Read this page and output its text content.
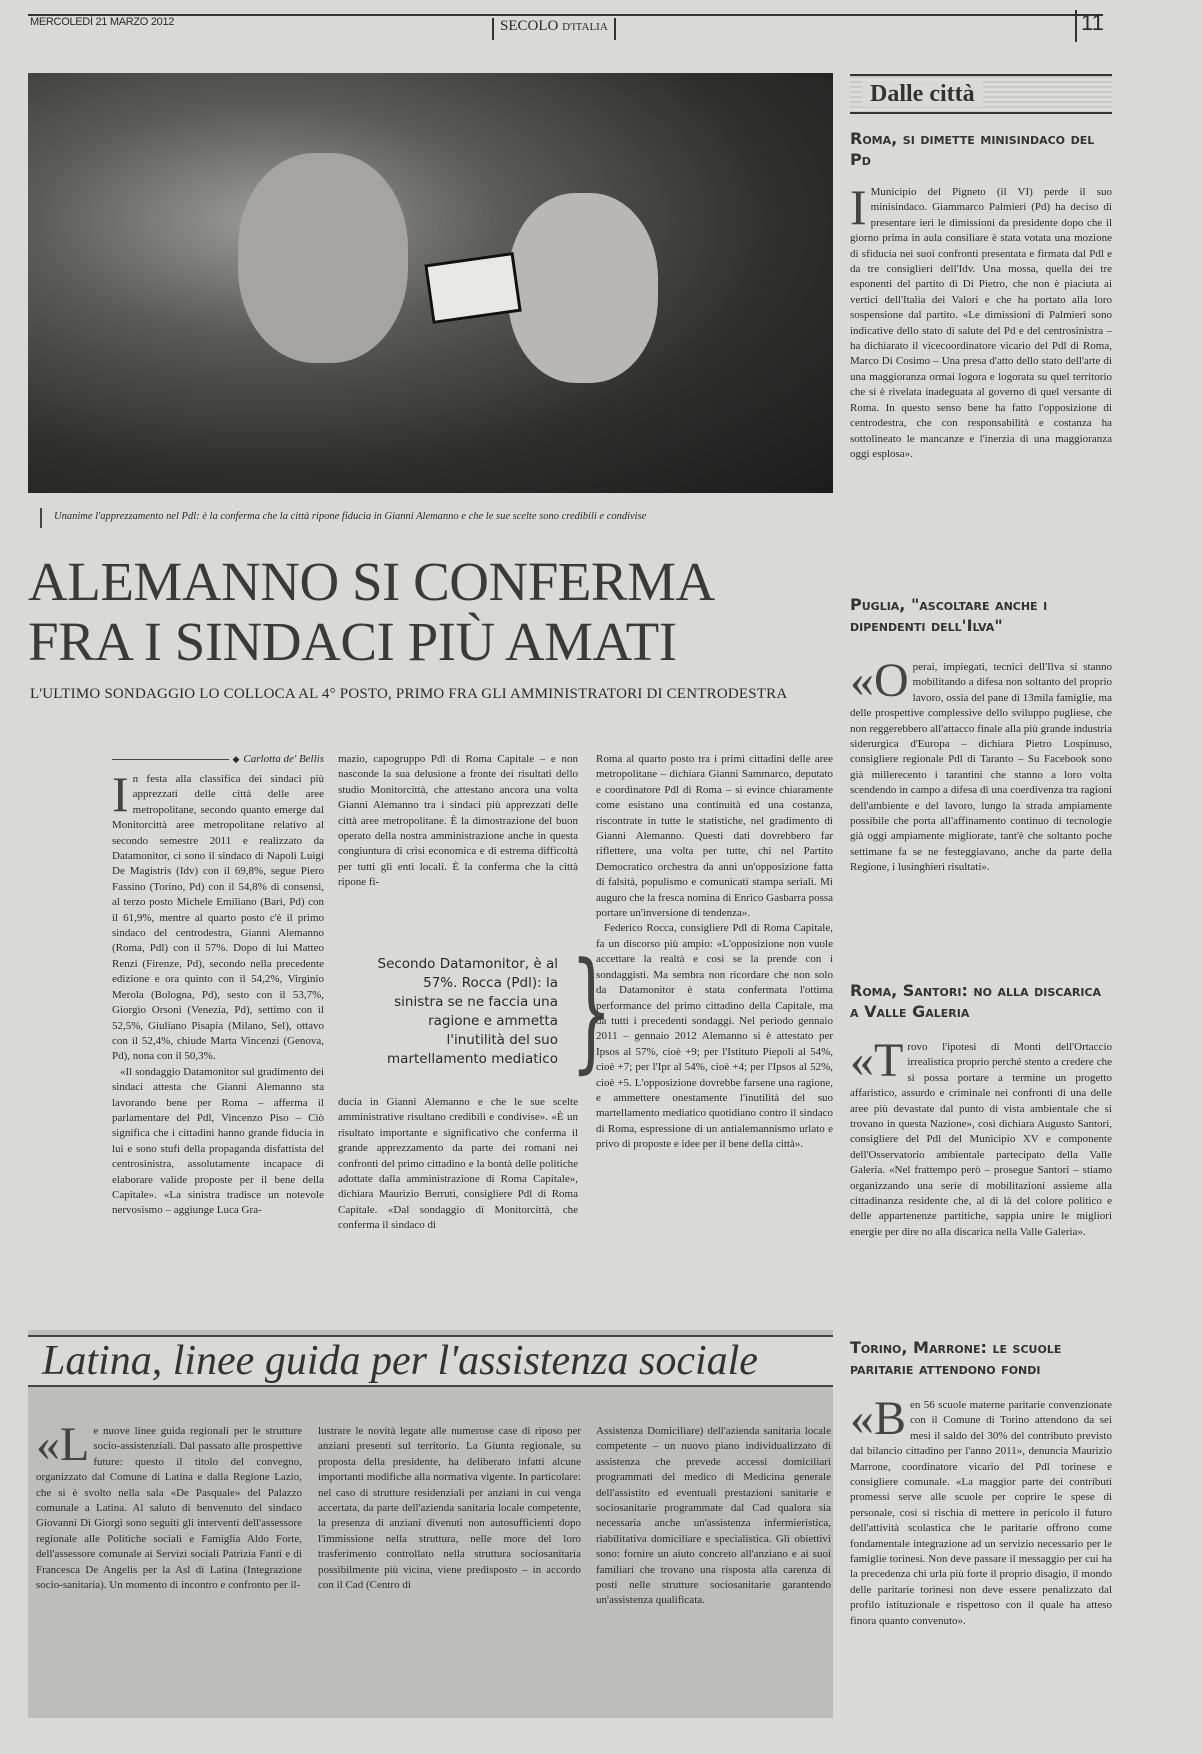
MERCOLEDÌ 21 MARZO 2012	SECOLO D'ITALIA	11
Unanime l'apprezzamento nel Pdl: è la conferma che la città ripone fiducia in Gianni Alemanno e che le sue scelte sono credibili e condivise
ALEMANNO SI CONFERMA
FRA I SINDACI PIÙ AMATI
L'ULTIMO SONDAGGIO LO COLLOCA AL 4° POSTO, PRIMO FRA GLI AMMINISTRATORI DI CENTRODESTRA
◆ Carlotta de' Bellis

In festa alla classifica dei sindaci più apprezzati delle città delle aree metropolitane, secondo quanto emerge dal Monitorcittà aree metropolitane relativo al secondo semestre 2011 e realizzato da Datamonitor, ci sono il sindaco di Napoli Luigi De Magistris (Idv) con il 69,8%, segue Piero Fassino (Torino, Pd) con il 54,8% di consensi, al terzo posto Michele Emiliano (Bari, Pd) con il 61,9%, mentre al quarto posto c'è il primo sindaco del centrodestra, Gianni Alemanno (Roma, Pdl) con il 57%. Dopo di lui Matteo Renzi (Firenze, Pd), secondo nella precedente edizione e ora quinto con il 54,2%, Virginio Merola (Bologna, Pd), sesto con il 53,7%, Giorgio Orsoni (Venezia, Pd), settimo con il 52,5%, Giuliano Pisapia (Milano, Sel), ottavo con il 52,4%, chiude Marta Vincenzi (Genova, Pd), nona con il 50,3%.

«Il sondaggio Datamonitor sul gradimento dei sindaci attesta che Gianni Alemanno sta lavorando bene per Roma – afferma il parlamentare del Pdl, Vincenzo Piso – Ciò significa che i cittadini hanno grande fiducia in lui e sono stufi della propaganda disfattista del centrosinistra, assolutamente incapace di elaborare valide proposte per il bene della Capitale». «La sinistra tradisce un notevole nervosismo – aggiunge Luca Gra-

mazio, capogruppo Pdl di Roma Capitale – e non nasconde la sua delusione a fronte dei risultati dello studio Monitorcittà, che attestano ancora una volta Gianni Alemanno tra i sindaci più apprezzati delle città aree metropolitane. È la dimostrazione del buon operato della nostra amministrazione anche in questa congiuntura di crisi economica e di estrema difficoltà per tutti gli enti locali. È la conferma che la città ripone fi-
Secondo Datamonitor, è al 57%. Rocca (Pdl): la sinistra se ne faccia una ragione e ammetta l'inutilità del suo martellamento mediatico }
ducia in Gianni Alemanno e che le sue scelte amministrative risultano credibili e condivise». «È un risultato importante e significativo che conferma il grande apprezzamento da parte dei romani nei confronti del primo cittadino e la bontà delle politiche adottate dalla amministrazione di Roma Capitale», dichiara Maurizio Berruti, consigliere Pdl di Roma Capitale. «Dal sondaggio di Monitorcittà, che conferma il sindaco di

Roma al quarto posto tra i primi cittadini delle aree metropolitane – dichiara Gianni Sammarco, deputato e coordinatore Pdl di Roma – si evince chiaramente come esistano una continuità ed una costanza, riscontrate in tutte le statistiche, nel gradimento di Gianni Alemanno. Questi dati dovrebbero far riflettere, una volta per tutte, chi nel Partito Democratico orchestra da anni un'opposizione fatta di falsità, populismo e comunicati stampa seriali. Mi auguro che la fresca nomina di Enrico Gasbarra possa portare un'inversione di tendenza».

Federico Rocca, consigliere Pdl di Roma Capitale, fa un discorso più ampio: «L'opposizione non vuole accettare la realtà e così se la prende con i sondaggisti. Ma sembra non ricordare che non solo da Datamonitor è stata confermata l'ottima performance del primo cittadino della Capitale, ma da tutti i precedenti sondaggi. Nel periodo gennaio 2011 – gennaio 2012 Alemanno si è attestato per Ipsos al 57%, cioè +9; per l'Istituto Piepoli al 54%, cioè +7; per l'Ipr al 54%, cioè +4; per l'Ipsos al 52%, cioè +5. L'opposizione dovrebbe farsene una ragione, e ammettere onestamente l'inutilità del suo martellamento mediatico quotidiano contro il sindaco di Roma, espressione di un antialemannismo urlato e privo di proposte e idee per il bene della città».

Dalle città
Roma, si dimette minisindaco del Pd
I Municipio del Pigneto (il VI) perde il suo minisindaco. Giammarco Palmieri (Pd) ha deciso di presentare ieri le dimissioni da presidente dopo che il giorno prima in aula consiliare è stata votata una mozione di sfiducia nei suoi confronti presentata e firmata dal Pdl e da tre consiglieri dell'Idv. Una mossa, quella dei tre esponenti del partito di Di Pietro, che non è piaciuta ai vertici dell'Italia dei Valori e che ha portato alla loro sospensione dal partito. «Le dimissioni di Palmieri sono indicative dello stato di salute del Pd e del centrosinistra – ha dichiarato il vicecoordinatore vicario del Pdl di Roma, Marco Di Cosimo – Una presa d'atto dello stato dell'arte di una maggioranza ormai logora e logorata su quel territorio che si è rivelata inadeguata al governo di quel versante di Roma. In questo senso bene ha fatto l'opposizione di centrodestra, che con responsabilità e costanza ha sottolineato le mancanze e l'inerzia di una maggioranza oggi esplosa».
Puglia, "ascoltare anche i dipendenti dell'Ilva"
«Operai, impiegati, tecnici dell'Ilva si stanno mobilitando a difesa non soltanto del proprio lavoro, ossia del pane di 13mila famiglie, ma delle prospettive complessive dello sviluppo pugliese, che non reggerebbero all'attacco finale alla più grande industria siderurgica d'Europa – dichiara Pietro Lospinuso, consigliere regionale Pdl di Taranto – Su Facebook sono già millerecento i tarantini che stanno a loro volta scendendo in campo a difesa di una coerdivenza tra ragioni dell'ambiente e del lavoro, lungo la strada ampiamente possibile che porta all'affinamento continuo di tecnologie già oggi ampiamente migliorate, tant'è che soltanto poche settimane fa se ne festeggiavano, anche da parte della Regione, i lusinghieri risultati».
Roma, Santori: no alla discarica a Valle Galeria
«Trovo l'ipotesi di Monti dell'Ortaccio irrealistica proprio perché stento a credere che si possa portare a termine un progetto affaristico, assurdo e criminale nei confronti di una delle aree più devastate dal punto di vista ambientale che si trovano in questa Nazione», così dichiara Augusto Santori, consigliere del Pdl del Municipio XV e componente dell'Osservatorio ambientale partecipato della Valle Galeria. «Nel frattempo però – prosegue Santori – stiamo organizzando una serie di mobilitazioni assieme alla cittadinanza residente che, al di là del colore politico e delle appartenenze partitiche, sappia unire le migliori energie per dire no alla discarica nella Valle Galeria».
Torino, Marrone: le scuole paritarie attendono fondi
«Ben 56 scuole materne paritarie convenzionate con il Comune di Torino attendono da sei mesi il saldo del 30% del contributo previsto dal bilancio cittadino per l'anno 2011», denuncia Maurizio Marrone, coordinatore vicario del Pdl torinese e consigliere comunale. «La maggior parte dei contributi promessi serve alle scuole per coprire le spese di personale, così si rischia di mettere in pericolo il futuro dell'attività scolastica che le paritarie offrono come fondamentale integrazione ad un servizio necessario per le famiglie torinesi. Non deve passare il messaggio per cui ha la precedenza chi urla più forte il proprio disagio, il mondo delle paritarie torinesi non deve essere penalizzato dal profilo istituzionale e rispettoso con il quale ha atteso finora quanto convenuto».
Latina, linee guida per l'assistenza sociale
«Le nuove linee guida regionali per le strutture socio-assistenziali. Dal passato alle prospettive future: questo il titolo del convegno, organizzato dal Comune di Latina e dalla Regione Lazio, che si è svolto nella sala «De Pasquale» del Palazzo comunale a Latina. Al saluto di benvenuto del sindaco Giovanni Di Giorgi sono seguiti gli interventi dell'assessore regionale alle Politiche sociali e Famiglia Aldo Forte, dell'assessore comunale ai Servizi sociali Patrizia Fanti e di Francesca De Angelis per la Asl di Latina (Integrazione socio-sanitaria). Un momento di incontro e confronto per il-
lustrare le novità legate alle numerose case di riposo per anziani presenti sul territorio. La Giunta regionale, su proposta della presidente, ha deliberato infatti alcune importanti modifiche alla normativa vigente. In particolare: nel caso di strutture residenziali per anziani in cui venga accertata, da parte dell'azienda sanitaria locale competente, la presenza di anziani divenuti non autosufficienti dopo l'immissione nella struttura, nelle more del loro trasferimento controllato nella struttura sociosanitaria possibilmente più vicina, viene predisposto – in accordo con il Cad (Centro di
Assistenza Domiciliare) dell'azienda sanitaria locale competente – un nuovo piano individualizzato di assistenza che prevede accessi domiciliari programmati del medico di Medicina generale dell'assistito ed eventuali prestazioni sanitarie e sociosanitarie programmate dal Cad qualora sia necessaria anche un'assistenza infermieristica, riabilitativa domiciliare e specialistica. Gli obiettivi sono: fornire un aiuto concreto all'anziano e ai suoi familiari che trovano una risposta alla carenza di posti nelle strutture sociosanitarie garantendo un'assistenza qualificata.
